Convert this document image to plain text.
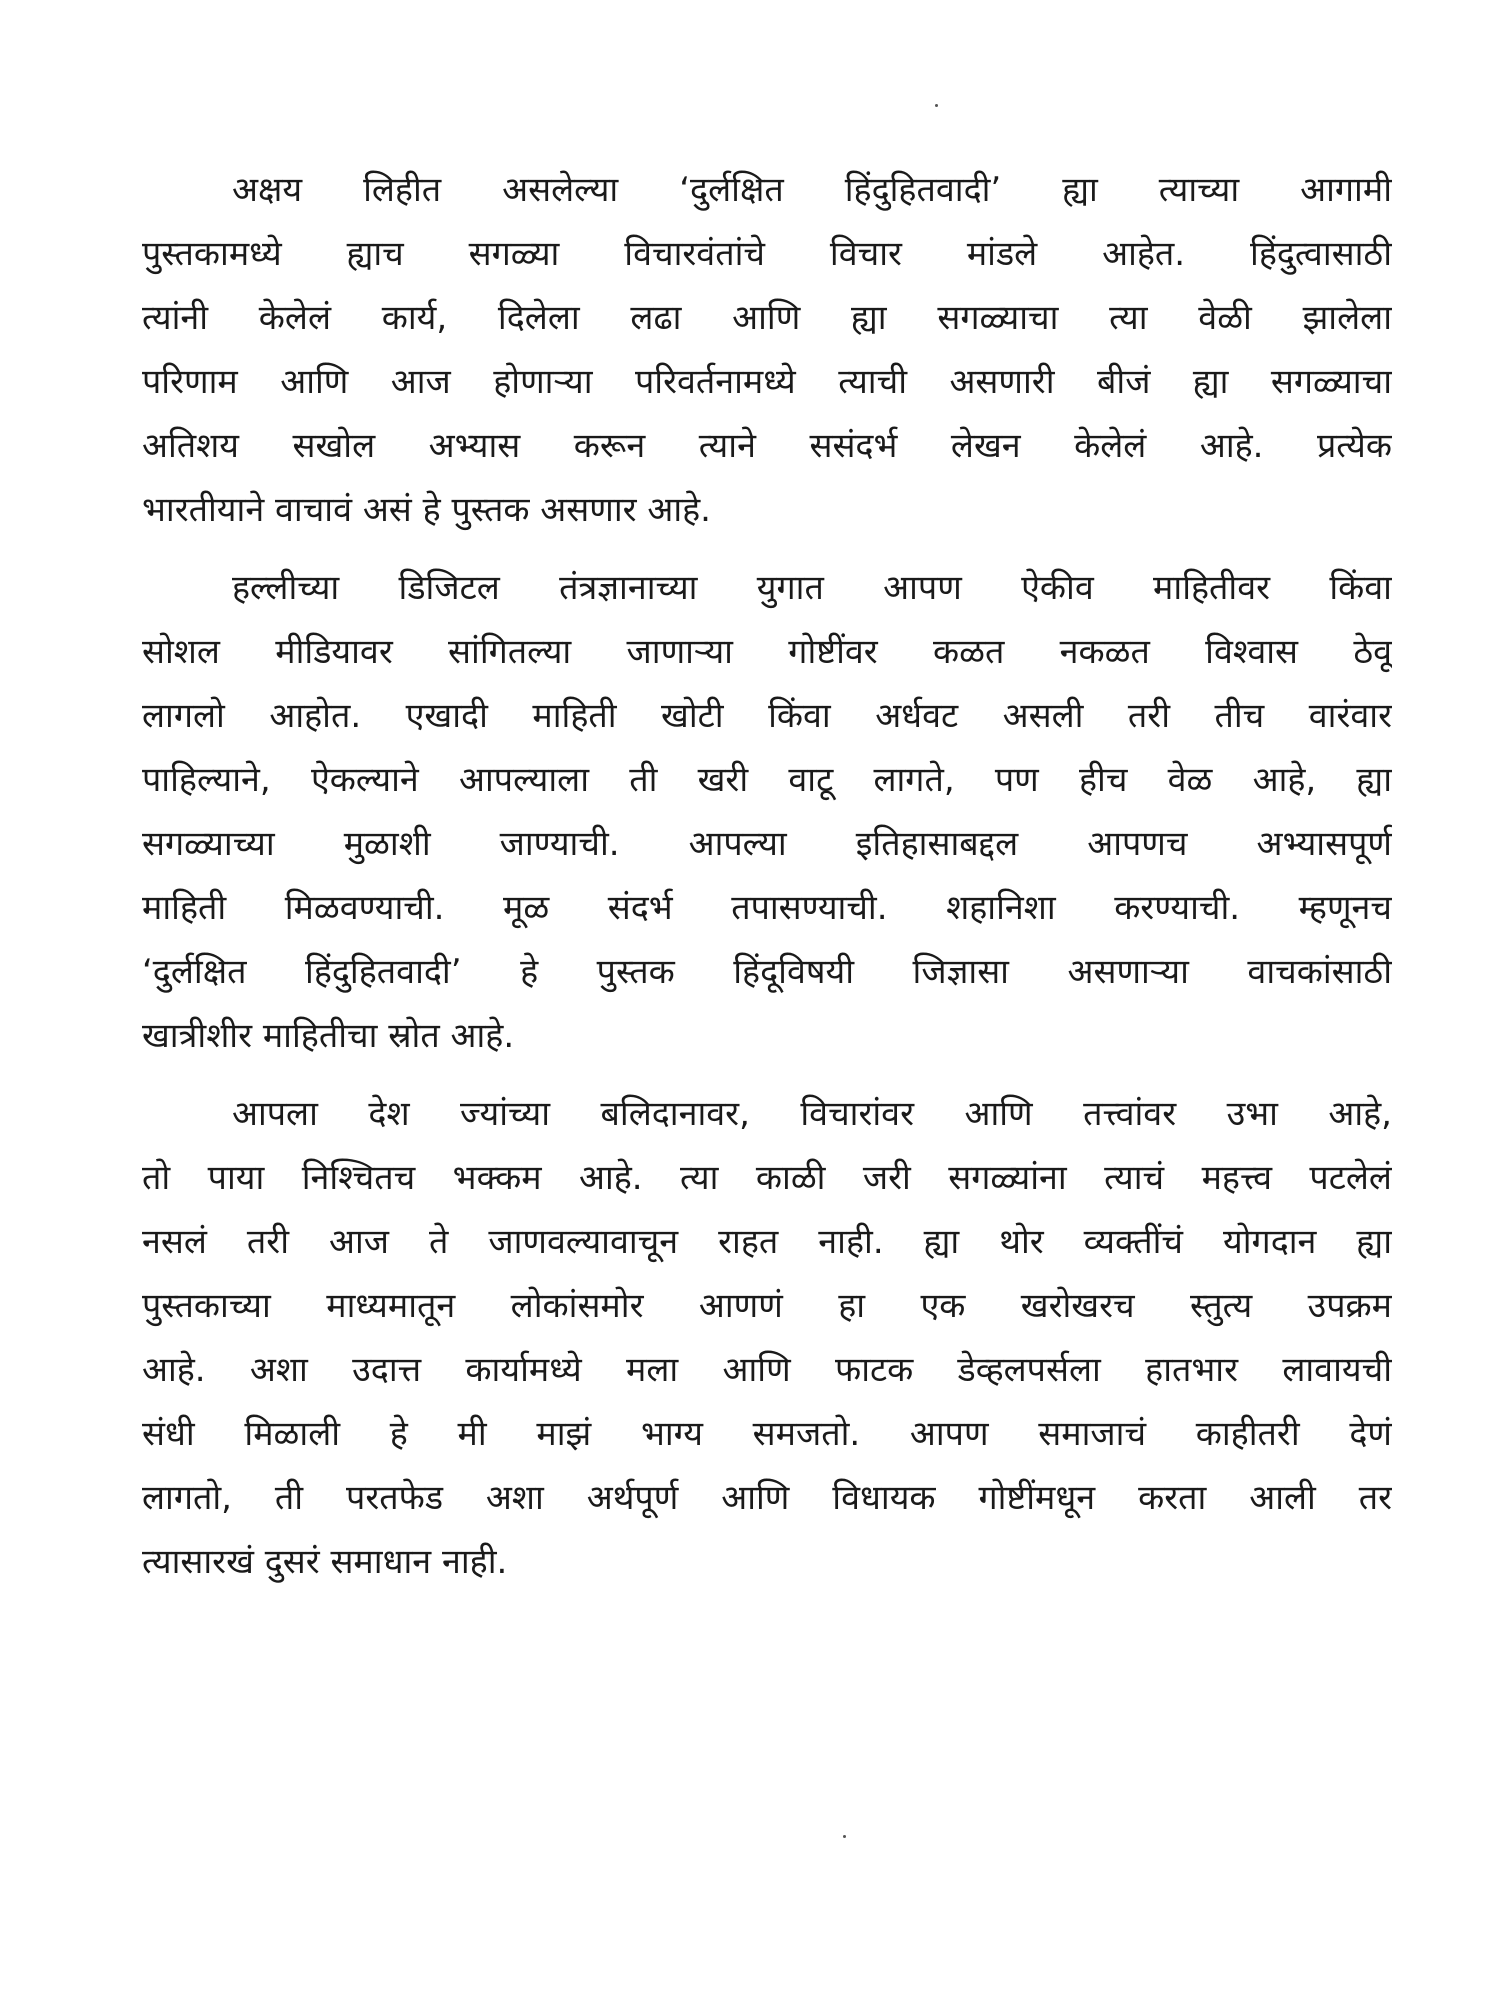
अक्षय लिहीत असलेल्या ‘दुर्लक्षित हिंदुहितवादी’ ह्या त्याच्या आगामी
पुस्तकामध्ये ह्याच सगळ्या विचारवंतांचे विचार मांडले आहेत. हिंदुत्वासाठी
त्यांनी केलेलं कार्य, दिलेला लढा आणि ह्या सगळ्याचा त्या वेळी झालेला
परिणाम आणि आज होणाऱ्या परिवर्तनामध्ये त्याची असणारी बीजं ह्या सगळ्याचा
अतिशय सखोल अभ्यास करून त्याने ससंदर्भ लेखन केलेलं आहे. प्रत्येक
भारतीयाने वाचावं असं हे पुस्तक असणार आहे.

हल्लीच्या डिजिटल तंत्रज्ञानाच्या युगात आपण ऐकीव माहितीवर किंवा
सोशल मीडियावर सांगितल्या जाणाऱ्या गोष्टींवर कळत नकळत विश्वास ठेवू
लागलो आहोत. एखादी माहिती खोटी किंवा अर्धवट असली तरी तीच वारंवार
पाहिल्याने, ऐकल्याने आपल्याला ती खरी वाटू लागते, पण हीच वेळ आहे, ह्या
सगळ्याच्या मुळाशी जाण्याची. आपल्या इतिहासाबद्दल आपणच अभ्यासपूर्ण
माहिती मिळवण्याची. मूळ संदर्भ तपासण्याची. शहानिशा करण्याची. म्हणूनच
‘दुर्लक्षित हिंदुहितवादी’ हे पुस्तक हिंदूविषयी जिज्ञासा असणाऱ्या वाचकांसाठी
खात्रीशीर माहितीचा स्रोत आहे.

आपला देश ज्यांच्या बलिदानावर, विचारांवर आणि तत्त्वांवर उभा आहे,
तो पाया निश्चितच भक्कम आहे. त्या काळी जरी सगळ्यांना त्याचं महत्त्व पटलेलं
नसलं तरी आज ते जाणवल्यावाचून राहत नाही. ह्या थोर व्यक्तींचं योगदान ह्या
पुस्तकाच्या माध्यमातून लोकांसमोर आणणं हा एक खरोखरच स्तुत्य उपक्रम
आहे. अशा उदात्त कार्यामध्ये मला आणि फाटक डेव्हलपर्सला हातभार लावायची
संधी मिळाली हे मी माझं भाग्य समजतो. आपण समाजाचं काहीतरी देणं
लागतो, ती परतफेड अशा अर्थपूर्ण आणि विधायक गोष्टींमधून करता आली तर
त्यासारखं दुसरं समाधान नाही.
